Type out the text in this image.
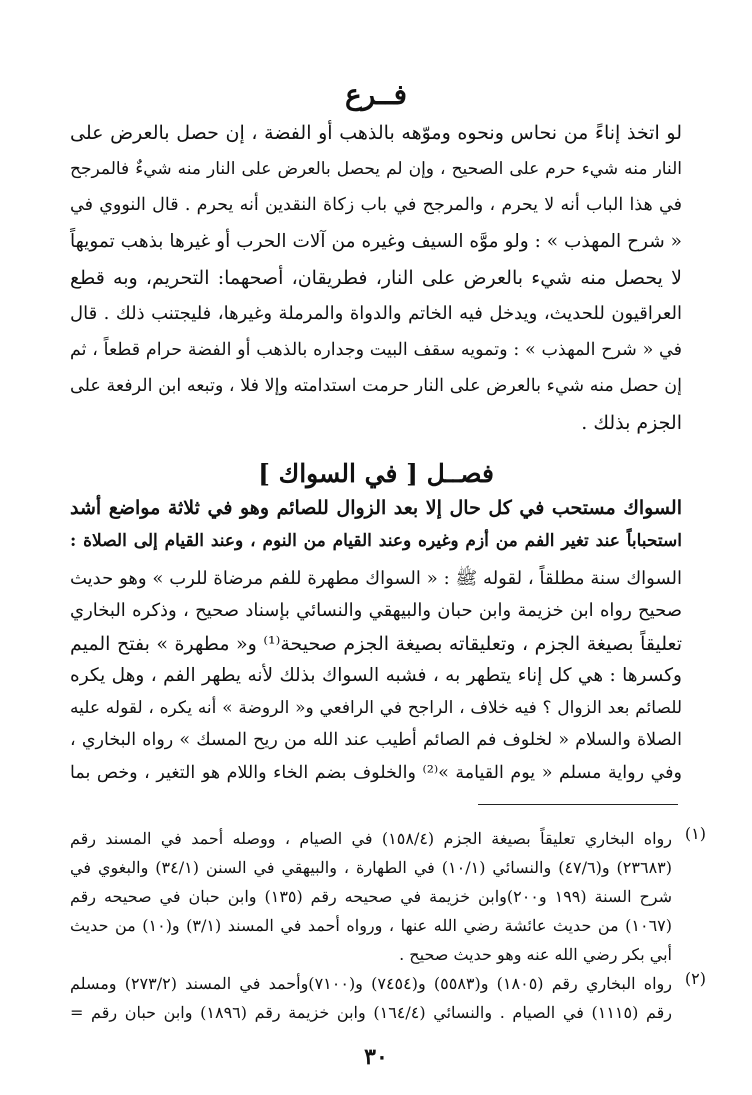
فــرع
لو اتخذ إناءً من نحاس ونحوه وموّهه بالذهب أو الفضة ، إن حصل بالعرض على
النار منه شيء حرم على الصحيح ، وإن لم يحصل بالعرض على النار منه شيءٌ فالمرجح
في هذا الباب أنه لا يحرم ، والمرجح في باب زكاة النقدين أنه يحرم . قال النووي في
« شرح المهذب » : ولو موَّه السيف وغيره من آلات الحرب أو غيرها بذهب تمويهاً
لا يحصل منه شيء بالعرض على النار، فطريقان، أصحهما: التحريم، وبه قطع
العراقيون للحديث، ويدخل فيه الخاتم والدواة والمرملة وغيرها، فليجتنب ذلك . قال
في « شرح المهذب » : وتمويه سقف البيت وجداره بالذهب أو الفضة حرام قطعاً ، ثم
إن حصل منه شيء بالعرض على النار حرمت استدامته وإلا فلا ، وتبعه ابن الرفعة على
الجزم بذلك .
فصــل [ في السواك ]
السواك مستحب في كل حال إلا بعد الزوال للصائم وهو في ثلاثة مواضع أشد
استحباباً عند تغير الفم من أزم وغيره وعند القيام من النوم ، وعند القيام إلى الصلاة :
السواك سنة مطلقاً ، لقوله ﷺ : « السواك مطهرة للفم مرضاة للرب » وهو حديث
صحيح رواه ابن خزيمة وابن حبان والبيهقي والنسائي بإسناد صحيح ، وذكره البخاري
تعليقاً بصيغة الجزم ، وتعليقاته بصيغة الجزم صحيحة⁽¹⁾ و« مطهرة » بفتح الميم
وكسرها : هي كل إناء يتطهر به ، فشبه السواك بذلك لأنه يطهر الفم ، وهل يكره
للصائم بعد الزوال ؟ فيه خلاف ، الراجح في الرافعي و« الروضة » أنه يكره ، لقوله عليه
الصلاة والسلام « لخلوف فم الصائم أطيب عند الله من ريح المسك » رواه البخاري ،
وفي رواية مسلم « يوم القيامة »⁽²⁾ والخلوف بضم الخاء واللام هو التغير ، وخص بما
(١)
رواه البخاري تعليقاً بصيغة الجزم (١٥٨/٤) في الصيام ، ووصله أحمد في المسند رقم
(٢٣٦٨٣) و(٤٧/٦) والنسائي (١٠/١) في الطهارة ، والبيهقي في السنن (٣٤/١) والبغوي في
شرح السنة (١٩٩ و٢٠٠)وابن خزيمة في صحيحه رقم (١٣٥) وابن حبان في صحيحه رقم
(١٠٦٧) من حديث عائشة رضي الله عنها ، ورواه أحمد في المسند (٣/١) و(١٠) من حديث
أبي بكر رضي الله عنه وهو حديث صحيح .
(٢)
رواه البخاري رقم (١٨٠٥) و(٥٥٨٣) و(٧٤٥٤) و(٧١٠٠)وأحمد في المسند (٢٧٣/٢) ومسلم
رقم (١١١٥) في الصيام . والنسائي (١٦٤/٤) وابن خزيمة رقم (١٨٩٦) وابن حبان رقم =
٣٠
